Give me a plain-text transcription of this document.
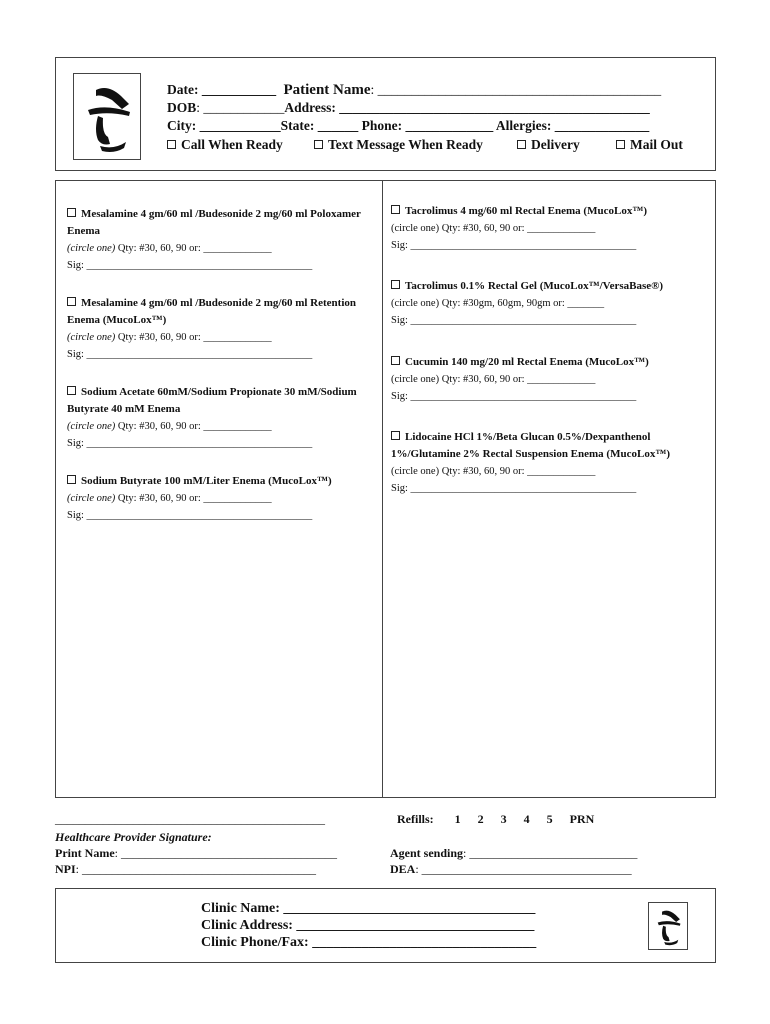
Date: ___________ Patient Name: __________________________________________
DOB: ____________Address: ______________________________________________
City: ____________State: ______ Phone: _____________ Allergies: ______________
Call When Ready	Text Message When Ready	Delivery	Mail Out
Mesalamine 4 gm/60 ml /Budesonide 2 mg/60 ml Poloxamer Enema
(circle one) Qty: #30, 60, 90 or: _____________
Sig: ___________________________________________
Mesalamine 4 gm/60 ml /Budesonide 2 mg/60 ml Retention Enema (MucoLox™)
(circle one) Qty: #30, 60, 90 or: _____________
Sig: ___________________________________________
Sodium Acetate 60mM/Sodium Propionate 30 mM/Sodium Butyrate 40 mM Enema
(circle one) Qty: #30, 60, 90 or: _____________
Sig: ___________________________________________
Sodium Butyrate 100 mM/Liter Enema (MucoLox™)
(circle one) Qty: #30, 60, 90 or: _____________
Sig: ___________________________________________
Tacrolimus 4 mg/60 ml Rectal Enema (MucoLox™)
(circle one) Qty: #30, 60, 90 or: _____________
Sig: ___________________________________________
Tacrolimus 0.1% Rectal Gel (MucoLox™/VersaBase®)
(circle one) Qty: #30gm, 60gm, 90gm or: _______
Sig: ___________________________________________
Cucumin 140 mg/20 ml Rectal Enema (MucoLox™)
(circle one) Qty: #30, 60, 90 or: _____________
Sig: ___________________________________________
Lidocaine HCl 1%/Beta Glucan 0.5%/Dexpanthenol 1%/Glutamine 2% Rectal Suspension Enema (MucoLox™)
(circle one) Qty: #30, 60, 90 or: _____________
Sig: ___________________________________________
_____________________________________________
Healthcare Provider Signature:
Print Name: ____________________________________
NPI: _______________________________________
Refills: 1 2 3 4 5 PRN
Agent sending: ____________________________
DEA: ___________________________________
Clinic Name: ____________________________________
Clinic Address: __________________________________
Clinic Phone/Fax: ________________________________
